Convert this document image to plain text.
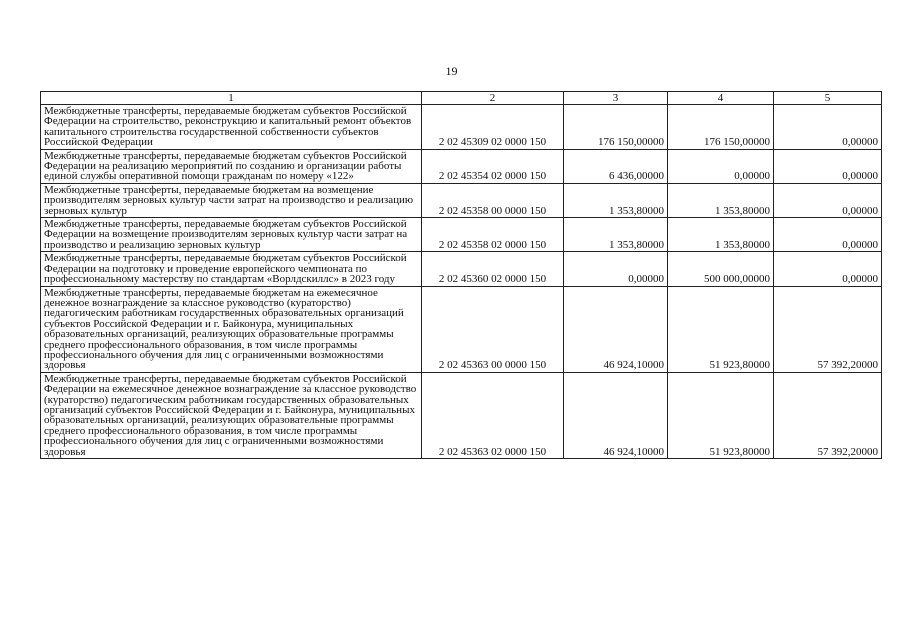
19
1	2	3	4	5
Межбюджетные трансферты, передаваемые бюджетам субъектов Российской Федерации на строительство, реконструкцию и капитальный ремонт объектов капитального строительства государственной собственности субъектов Российской Федерации	2 02 45309 02 0000 150	176 150,00000	176 150,00000	0,00000
Межбюджетные трансферты, передаваемые бюджетам субъектов Российской Федерации на реализацию мероприятий по созданию и организации работы единой службы оперативной помощи гражданам по номеру «122»	2 02 45354 02 0000 150	6 436,00000	0,00000	0,00000
Межбюджетные трансферты, передаваемые бюджетам на возмещение производителям зерновых культур части затрат на производство и реализацию зерновых культур	2 02 45358 00 0000 150	1 353,80000	1 353,80000	0,00000
Межбюджетные трансферты, передаваемые бюджетам субъектов Российской Федерации на возмещение производителям зерновых культур части затрат на производство и реализацию зерновых культур	2 02 45358 02 0000 150	1 353,80000	1 353,80000	0,00000
Межбюджетные трансферты, передаваемые бюджетам субъектов Российской Федерации на подготовку и проведение европейского чемпионата по профессиональному мастерству по стандартам «Ворлдскиллс» в 2023 году	2 02 45360 02 0000 150	0,00000	500 000,00000	0,00000
Межбюджетные трансферты, передаваемые бюджетам на ежемесячное денежное вознаграждение за классное руководство (кураторство) педагогическим работникам государственных образовательных организаций субъектов Российской Федерации и г. Байконура, муниципальных образовательных организаций, реализующих образовательные программы среднего профессионального образования, в том числе программы профессионального обучения для лиц с ограниченными возможностями здоровья	2 02 45363 00 0000 150	46 924,10000	51 923,80000	57 392,20000
Межбюджетные трансферты, передаваемые бюджетам субъектов Российской Федерации на ежемесячное денежное вознаграждение за классное руководство (кураторство) педагогическим работникам государственных образовательных организаций субъектов Российской Федерации и г. Байконура, муниципальных образовательных организаций, реализующих образовательные программы среднего профессионального образования, в том числе программы профессионального обучения для лиц с ограниченными возможностями здоровья	2 02 45363 02 0000 150	46 924,10000	51 923,80000	57 392,20000
